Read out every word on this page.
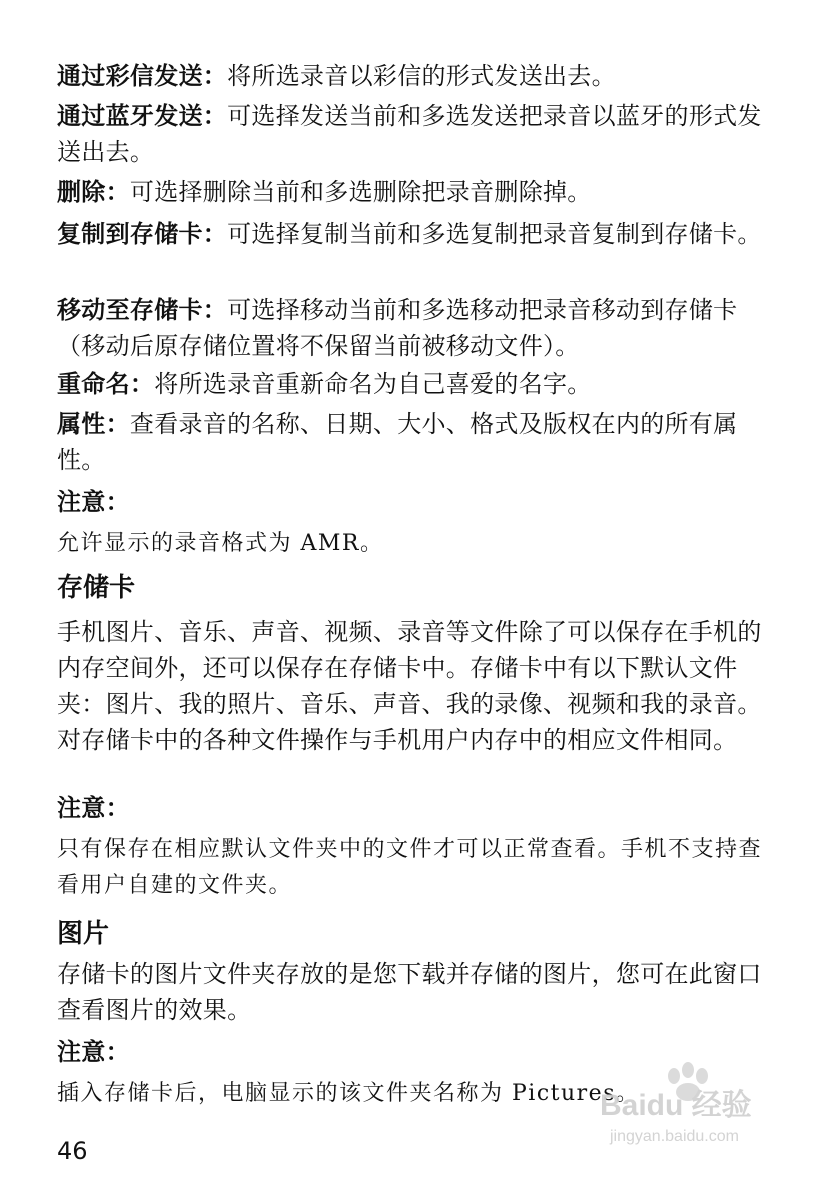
通过彩信发送：将所选录音以彩信的形式发送出去。

通过蓝牙发送：可选择发送当前和多选发送把录音以蓝牙的形式发送出去。

删除：可选择删除当前和多选删除把录音删除掉。

复制到存储卡：可选择复制当前和多选复制把录音复制到存储卡。

移动至存储卡：可选择移动当前和多选移动把录音移动到存储卡（移动后原存储位置将不保留当前被移动文件）。

重命名：将所选录音重新命名为自己喜爱的名字。

属性：查看录音的名称、日期、大小、格式及版权在内的所有属性。

注意：

允许显示的录音格式为 AMR。

存储卡

手机图片、音乐、声音、视频、录音等文件除了可以保存在手机的内存空间外，还可以保存在存储卡中。存储卡中有以下默认文件夹：图片、我的照片、音乐、声音、我的录像、视频和我的录音。对存储卡中的各种文件操作与手机用户内存中的相应文件相同。

注意：

只有保存在相应默认文件夹中的文件才可以正常查看。手机不支持查看用户自建的文件夹。

图片

存储卡的图片文件夹存放的是您下载并存储的图片，您可在此窗口查看图片的效果。

注意：

插入存储卡后，电脑显示的该文件夹名称为 Pictures。

46
Baidu 经验
jingyan.baidu.com
